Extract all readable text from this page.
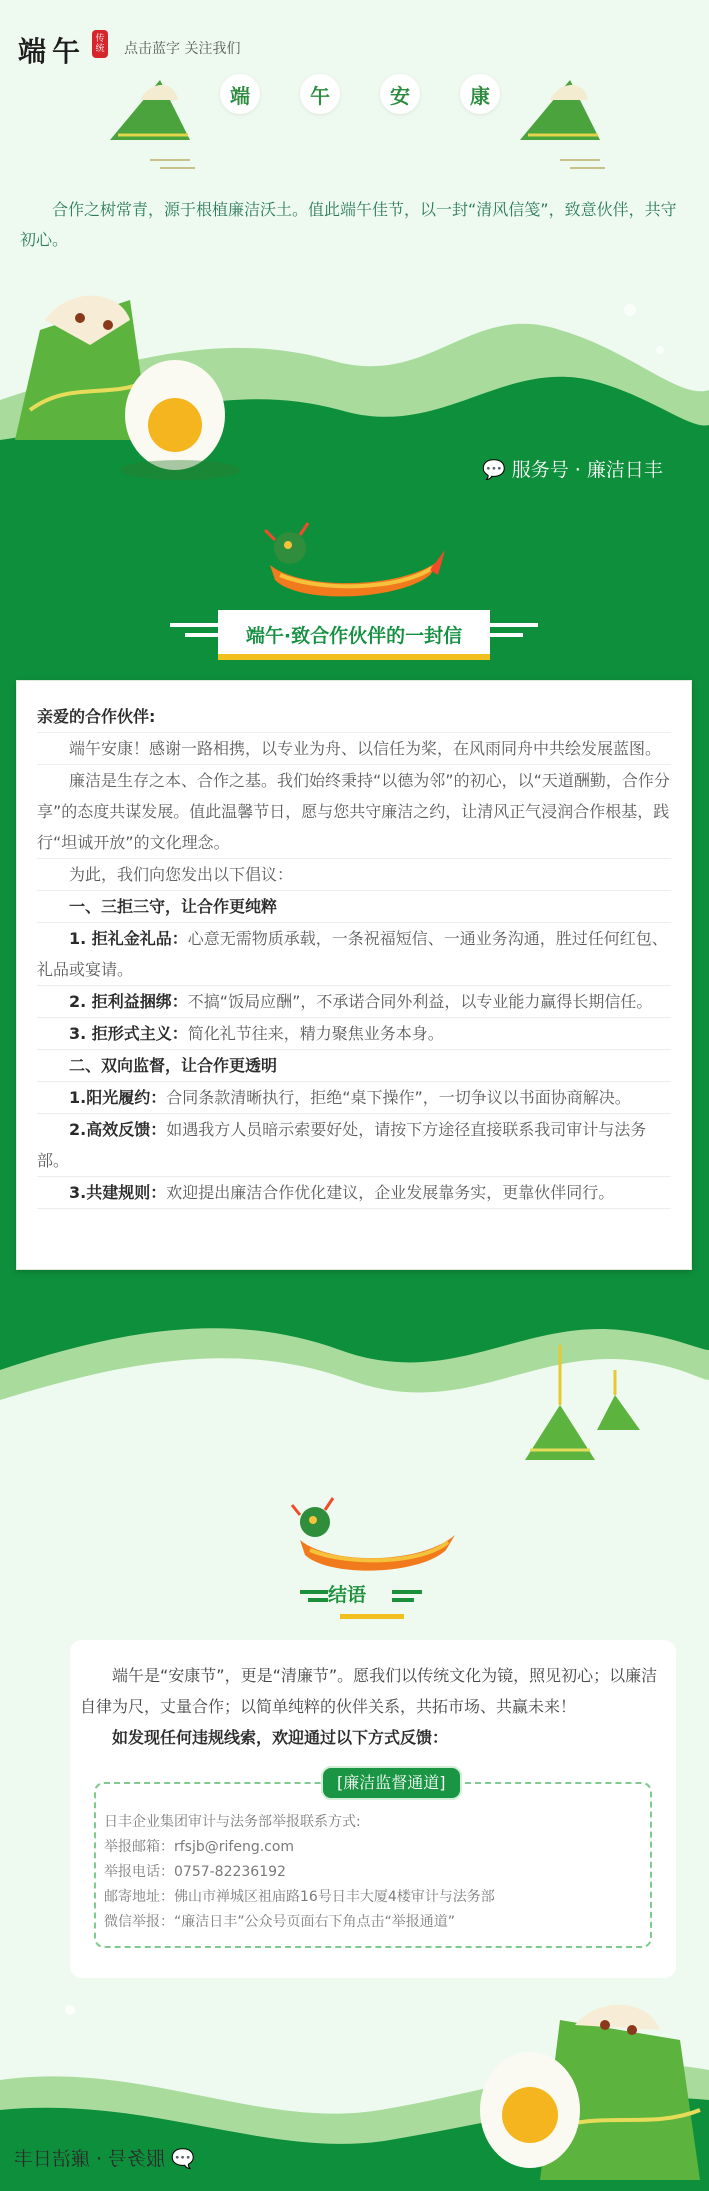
端午	传统 点击蓝字 关注我们
端	午	安	康
合作之树常青，源于根植廉洁沃土。值此端午佳节，以一封“清风信笺”，致意伙伴，共守初心。
💬 服务号 · 廉洁日丰
端午·致合作伙伴的一封信

亲爱的合作伙伴:

端午安康！感谢一路相携，以专业为舟、以信任为桨，在风雨同舟中共绘发展蓝图。

廉洁是生存之本、合作之基。我们始终秉持“以德为邻”的初心，以“天道酬勤，合作分享”的态度共谋发展。值此温馨节日，愿与您共守廉洁之约，让清风正气浸润合作根基，践行“坦诚开放”的文化理念。

为此，我们向您发出以下倡议：

一、三拒三守，让合作更纯粹

1. 拒礼金礼品：心意无需物质承载，一条祝福短信、一通业务沟通，胜过任何红包、礼品或宴请。

2. 拒利益捆绑：不搞“饭局应酬”，不承诺合同外利益，以专业能力赢得长期信任。

3. 拒形式主义：简化礼节往来，精力聚焦业务本身。

二、双向监督，让合作更透明

1.阳光履约：合同条款清晰执行，拒绝“桌下操作”，一切争议以书面协商解决。

2.高效反馈：如遇我方人员暗示索要好处，请按下方途径直接联系我司审计与法务部。

3.共建规则：欢迎提出廉洁合作优化建议，企业发展靠务实，更靠伙伴同行。

结语

端午是“安康节”，更是“清廉节”。愿我们以传统文化为镜，照见初心；以廉洁自律为尺，丈量合作；以简单纯粹的伙伴关系，共拓市场、共赢未来！

如发现任何违规线索，欢迎通过以下方式反馈：

[廉洁监督通道]
日丰企业集团审计与法务部举报联系方式:
举报邮箱：rfsjb@rifeng.com
举报电话：0757-82236192
邮寄地址：佛山市禅城区祖庙路16号日丰大厦4楼审计与法务部
微信举报：“廉洁日丰”公众号页面右下角点击“举报通道”
💬 服务号 · 廉洁日丰
